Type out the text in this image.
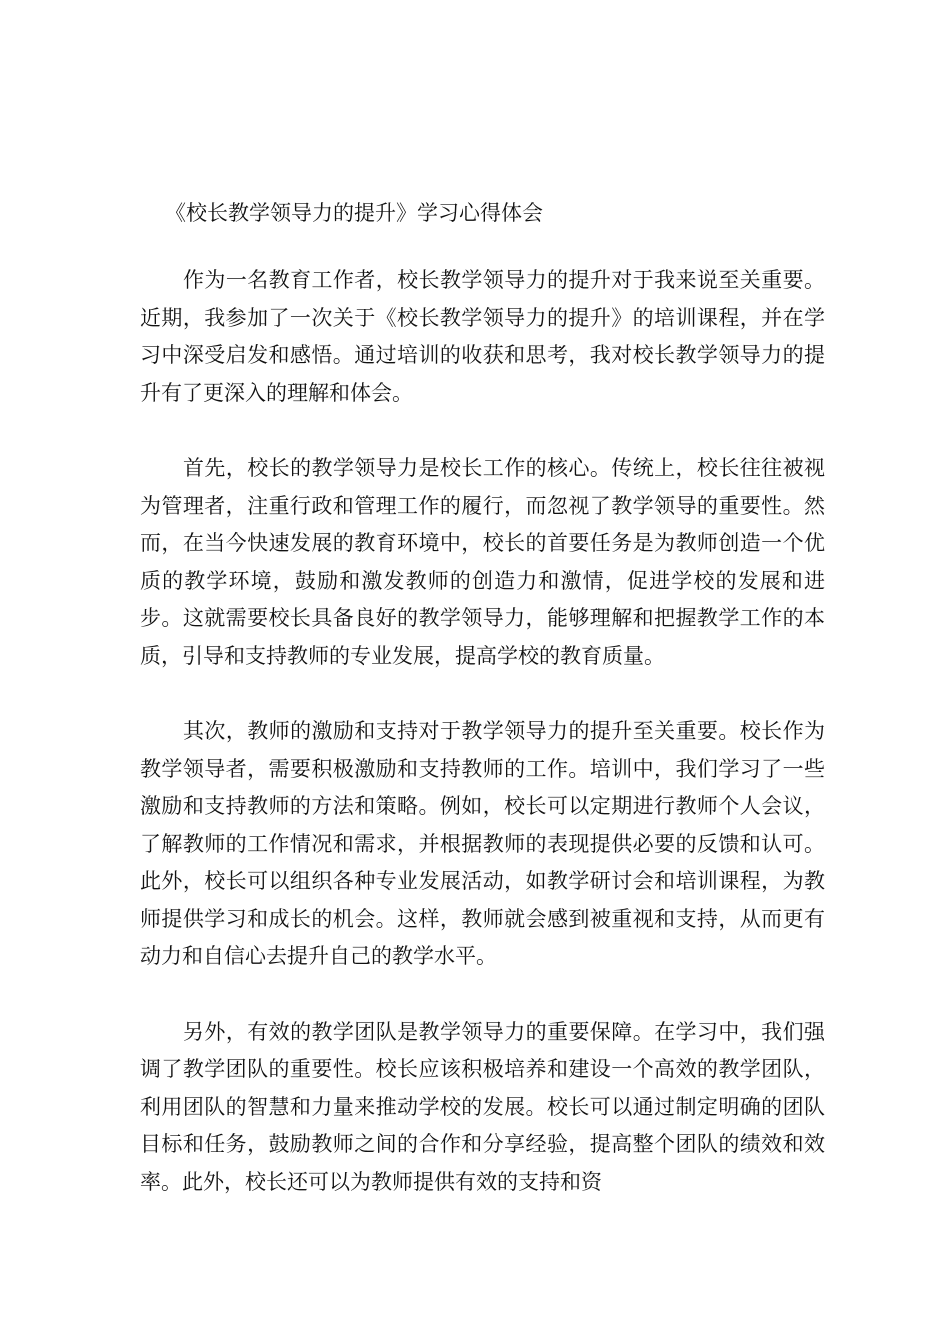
《校长教学领导力的提升》学习心得体会

作为一名教育工作者，校长教学领导力的提升对于我来说至关重要。近期，我参加了一次关于《校长教学领导力的提升》的培训课程，并在学习中深受启发和感悟。通过培训的收获和思考，我对校长教学领导力的提升有了更深入的理解和体会。

首先，校长的教学领导力是校长工作的核心。传统上，校长往往被视为管理者，注重行政和管理工作的履行，而忽视了教学领导的重要性。然而，在当今快速发展的教育环境中，校长的首要任务是为教师创造一个优质的教学环境，鼓励和激发教师的创造力和激情，促进学校的发展和进步。这就需要校长具备良好的教学领导力，能够理解和把握教学工作的本质，引导和支持教师的专业发展，提高学校的教育质量。

其次，教师的激励和支持对于教学领导力的提升至关重要。校长作为教学领导者，需要积极激励和支持教师的工作。培训中，我们学习了一些激励和支持教师的方法和策略。例如，校长可以定期进行教师个人会议，了解教师的工作情况和需求，并根据教师的表现提供必要的反馈和认可。此外，校长可以组织各种专业发展活动，如教学研讨会和培训课程，为教师提供学习和成长的机会。这样，教师就会感到被重视和支持，从而更有动力和自信心去提升自己的教学水平。

另外，有效的教学团队是教学领导力的重要保障。在学习中，我们强调了教学团队的重要性。校长应该积极培养和建设一个高效的教学团队，利用团队的智慧和力量来推动学校的发展。校长可以通过制定明确的团队目标和任务，鼓励教师之间的合作和分享经验，提高整个团队的绩效和效率。此外，校长还可以为教师提供有效的支持和资
